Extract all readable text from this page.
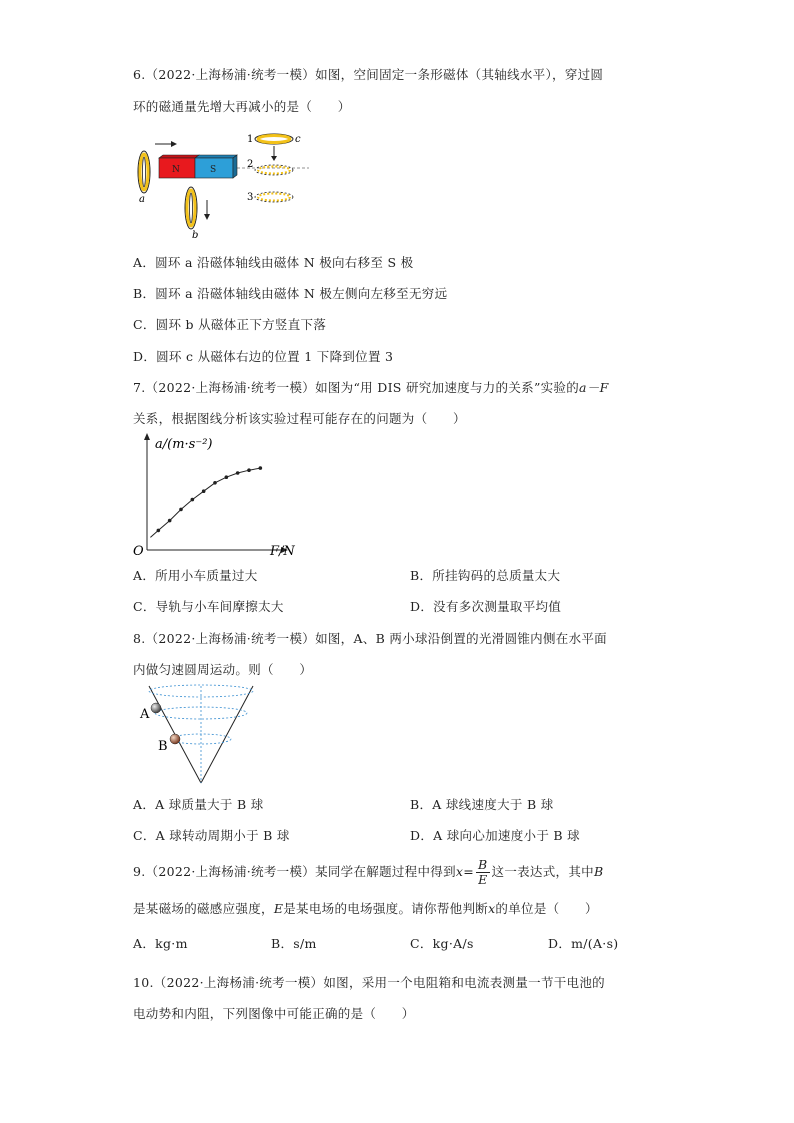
6.（2022·上海杨浦·统考一模）如图，空间固定一条形磁体（其轴线水平），穿过圆
环的磁通量先增大再减小的是（　　）
a
N	S
b
1	c
2
3
A．圆环 a 沿磁体轴线由磁体 N 极向右移至 S 极
B．圆环 a 沿磁体轴线由磁体 N 极左侧向左移至无穷远
C．圆环 b 从磁体正下方竖直下落
D．圆环 c 从磁体右边的位置 1 下降到位置 3
7.（2022·上海杨浦·统考一模）如图为“用 DIS 研究加速度与力的关系”实验的a－F
关系，根据图线分析该实验过程可能存在的问题为（　　）
a/(m·s⁻²)
F/N
O
A．所用小车质量过大	B．所挂钩码的总质量太大
C．导轨与小车间摩擦太大	D．没有多次测量取平均值
8.（2022·上海杨浦·统考一模）如图，A、B 两小球沿倒置的光滑圆锥内侧在水平面
内做匀速圆周运动。则（　　）
A
B
A．A 球质量大于 B 球	B．A 球线速度大于 B 球
C．A 球转动周期小于 B 球	D．A 球向心加速度小于 B 球
9.（2022·上海杨浦·统考一模）某同学在解题过程中得到$x= \frac{B}{E}$ 这一表达式，其中B
是某磁场的磁感应强度，E是某电场的电场强度。请你帮他判断x的单位是（　　）
A．kg·m	B．s/m	C．kg·A/s	D．m/(A·s)
10.（2022·上海杨浦·统考一模）如图，采用一个电阻箱和电流表测量一节干电池的
电动势和内阻，下列图像中可能正确的是（　　）
